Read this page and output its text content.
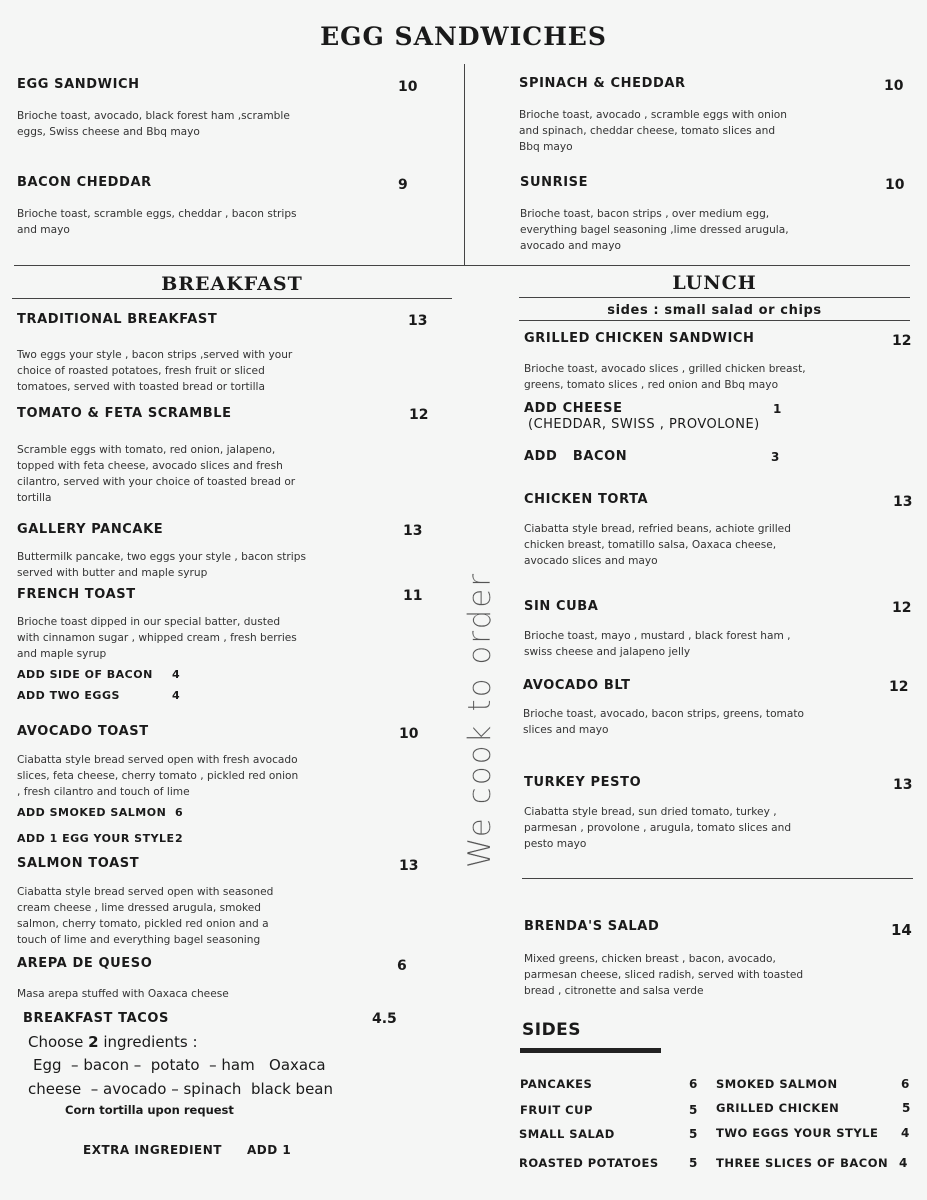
EGG SANDWICHES
EGG SANDWICH	10
Brioche toast, avocado, black forest ham ,scramble eggs, Swiss cheese and Bbq mayo
BACON CHEDDAR	9
Brioche toast, scramble eggs, cheddar , bacon strips and mayo
SPINACH & CHEDDAR	10
Brioche toast, avocado , scramble eggs with onion and spinach, cheddar cheese, tomato slices and Bbq mayo
SUNRISE	10
Brioche toast, bacon strips , over medium egg, everything bagel seasoning ,lime dressed arugula, avocado and mayo
BREAKFAST
TRADITIONAL BREAKFAST	13
Two eggs your style , bacon strips ,served with your choice of roasted potatoes, fresh fruit or sliced tomatoes, served with toasted bread or tortilla
TOMATO & FETA SCRAMBLE	12
Scramble eggs with tomato, red onion, jalapeno, topped with feta cheese, avocado slices and fresh cilantro, served with your choice of toasted bread or tortilla
GALLERY PANCAKE	13
Buttermilk pancake, two eggs your style , bacon strips served with butter and maple syrup
FRENCH TOAST	11
Brioche toast dipped in our special batter, dusted with cinnamon sugar , whipped cream , fresh berries and maple syrup
ADD SIDE OF BACON 4
ADD TWO EGGS	4
AVOCADO TOAST	10
Ciabatta style bread served open with fresh avocado slices, feta cheese, cherry tomato , pickled red onion , fresh cilantro and touch of lime
ADD SMOKED SALMON 6
ADD 1 EGG YOUR STYLE 2
SALMON TOAST	13
Ciabatta style bread served open with seasoned cream cheese , lime dressed arugula, smoked salmon, cherry tomato, pickled red onion and a touch of lime and everything bagel seasoning
AREPA DE QUESO	6
Masa arepa stuffed with Oaxaca cheese
BREAKFAST TACOS	4.5
Choose 2 ingredients :
Egg  – bacon –  potato  – ham   Oaxaca
cheese  – avocado – spinach  black bean
Corn tortilla upon request
EXTRA INGREDIENT ADD 1
We cook to order
LUNCH
sides : small salad or chips
GRILLED CHICKEN SANDWICH	12
Brioche toast, avocado slices , grilled chicken breast, greens, tomato slices , red onion and Bbq mayo
ADD CHEESE	1
(CHEDDAR, SWISS , PROVOLONE)
ADD   BACON	3
CHICKEN TORTA	13
Ciabatta style bread, refried beans, achiote grilled chicken breast, tomatillo salsa, Oaxaca cheese, avocado slices and mayo
SIN CUBA	12
Brioche toast, mayo , mustard , black forest ham , swiss cheese and jalapeno jelly
AVOCADO BLT	12
Brioche toast, avocado, bacon strips, greens, tomato slices and mayo
TURKEY PESTO	13
Ciabatta style bread, sun dried tomato, turkey , parmesan , provolone , arugula, tomato slices and pesto mayo
BRENDA'S SALAD	14
Mixed greens, chicken breast , bacon, avocado, parmesan cheese, sliced radish, served with toasted bread , citronette and salsa verde
SIDES
PANCAKES	6
FRUIT CUP	5
SMALL SALAD	5
ROASTED POTATOES	5
SMOKED SALMON	6
GRILLED CHICKEN	5
TWO EGGS YOUR STYLE 4
THREE SLICES OF BACON 4
